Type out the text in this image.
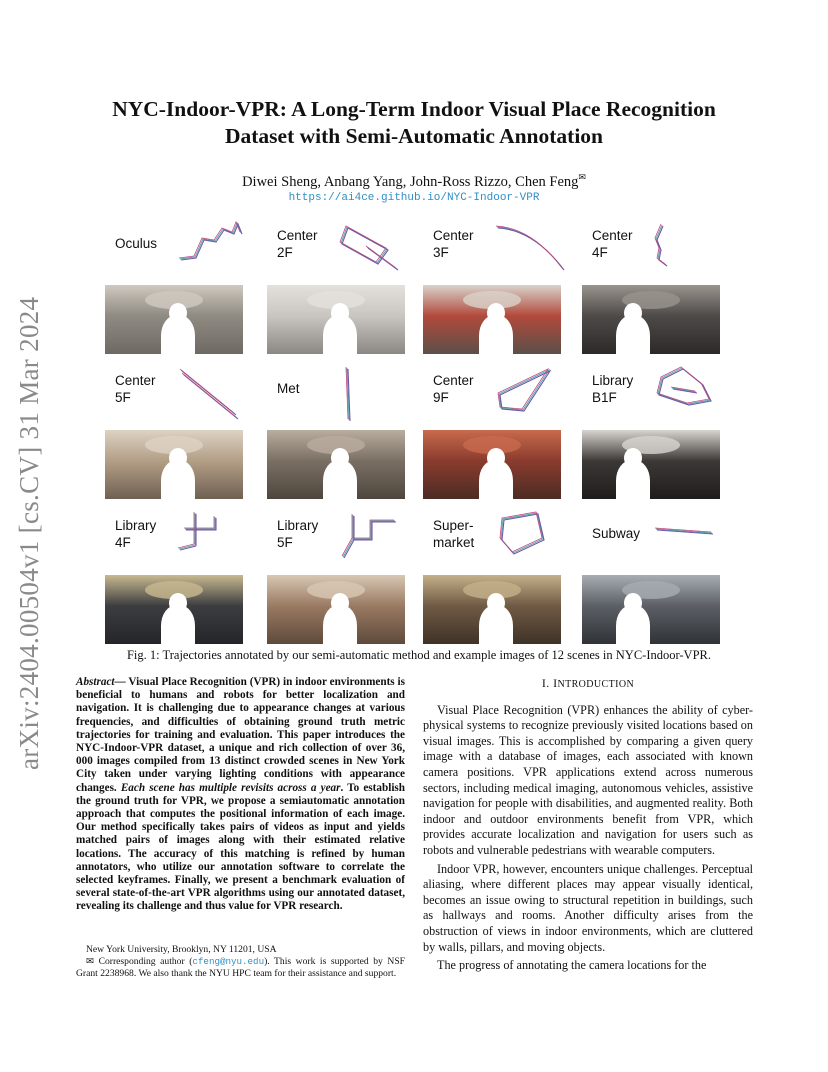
arXiv:2404.00504v1 [cs.CV] 31 Mar 2024
NYC-Indoor-VPR: A Long-Term Indoor Visual Place Recognition
Dataset with Semi-Automatic Annotation
Diwei Sheng, Anbang Yang, John-Ross Rizzo, Chen Feng✉
https://ai4ce.github.io/NYC-Indoor-VPR
Oculus
Center
2F
Center
3F
Center
4F
Center
5F
Met
Center
9F
Library
B1F
Library
4F
Library
5F
Super-
market
Subway
Fig. 1: Trajectories annotated by our semi-automatic method and example images of 12 scenes in NYC-Indoor-VPR.
Abstract— Visual Place Recognition (VPR) in indoor environments is beneficial to humans and robots for better localization and navigation. It is challenging due to appearance changes at various frequencies, and difficulties of obtaining ground truth metric trajectories for training and evaluation. This paper introduces the NYC-Indoor-VPR dataset, a unique and rich collection of over 36, 000 images compiled from 13 distinct crowded scenes in New York City taken under varying lighting conditions with appearance changes. Each scene has multiple revisits across a year. To establish the ground truth for VPR, we propose a semiautomatic annotation approach that computes the positional information of each image. Our method specifically takes pairs of videos as input and yields matched pairs of images along with their estimated relative locations. The accuracy of this matching is refined by human annotators, who utilize our annotation software to correlate the selected keyframes. Finally, we present a benchmark evaluation of several state-of-the-art VPR algorithms using our annotated dataset, revealing its challenge and thus value for VPR research.
New York University, Brooklyn, NY 11201, USA
✉ Corresponding author (cfeng@nyu.edu). This work is supported by NSF Grant 2238968. We also thank the NYU HPC team for their assistance and support.
I. INTRODUCTION

Visual Place Recognition (VPR) enhances the ability of cyber-physical systems to recognize previously visited locations based on visual images. This is accomplished by comparing a given query image with a database of images, each associated with known camera positions. VPR applications extend across numerous sectors, including medical imaging, autonomous vehicles, assistive navigation for people with disabilities, and augmented reality. Both indoor and outdoor environments benefit from VPR, which provides accurate localization and navigation for users such as robots and vulnerable pedestrians with wearable computers.

Indoor VPR, however, encounters unique challenges. Perceptual aliasing, where different places may appear visually identical, becomes an issue owing to structural repetition in buildings, such as hallways and rooms. Another difficulty arises from the obstruction of views in indoor environments, which are cluttered by walls, pillars, and moving objects.

The progress of annotating the camera locations for the
